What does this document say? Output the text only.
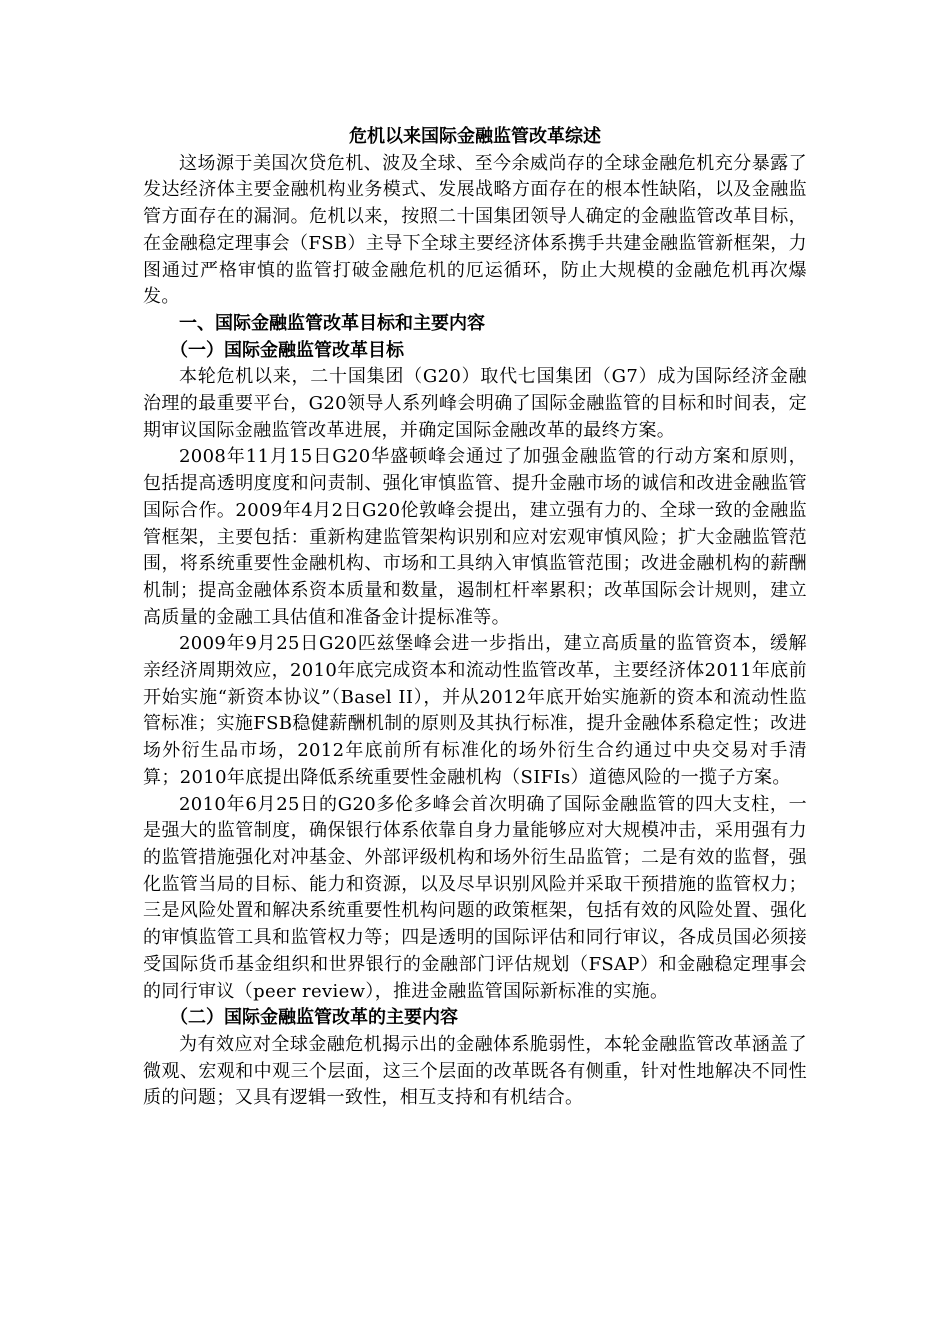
危机以来国际金融监管改革综述

这场源于美国次贷危机、波及全球、至今余威尚存的全球金融危机充分暴露了发达经济体主要金融机构业务模式、发展战略方面存在的根本性缺陷，以及金融监管方面存在的漏洞。危机以来，按照二十国集团领导人确定的金融监管改革目标，在金融稳定理事会（FSB）主导下全球主要经济体系携手共建金融监管新框架，力图通过严格审慎的监管打破金融危机的厄运循环，防止大规模的金融危机再次爆发。

一、国际金融监管改革目标和主要内容

（一）国际金融监管改革目标

本轮危机以来，二十国集团（G20）取代七国集团（G7）成为国际经济金融治理的最重要平台，G20领导人系列峰会明确了国际金融监管的目标和时间表，定期审议国际金融监管改革进展，并确定国际金融改革的最终方案。

2008年11月15日G20华盛顿峰会通过了加强金融监管的行动方案和原则，包括提高透明度度和问责制、强化审慎监管、提升金融市场的诚信和改进金融监管国际合作。2009年4月2日G20伦敦峰会提出，建立强有力的、全球一致的金融监管框架，主要包括：重新构建监管架构识别和应对宏观审慎风险；扩大金融监管范围，将系统重要性金融机构、市场和工具纳入审慎监管范围；改进金融机构的薪酬机制；提高金融体系资本质量和数量，遏制杠杆率累积；改革国际会计规则，建立高质量的金融工具估值和准备金计提标准等。

2009年9月25日G20匹兹堡峰会进一步指出，建立高质量的监管资本，缓解亲经济周期效应，2010年底完成资本和流动性监管改革，主要经济体2011年底前开始实施“新资本协议”（Basel II），并从2012年底开始实施新的资本和流动性监管标准；实施FSB稳健薪酬机制的原则及其执行标准，提升金融体系稳定性；改进场外衍生品市场，2012年底前所有标准化的场外衍生合约通过中央交易对手清算；2010年底提出降低系统重要性金融机构（SIFIs）道德风险的一揽子方案。

2010年6月25日的G20多伦多峰会首次明确了国际金融监管的四大支柱，一是强大的监管制度，确保银行体系依靠自身力量能够应对大规模冲击，采用强有力的监管措施强化对冲基金、外部评级机构和场外衍生品监管；二是有效的监督，强化监管当局的目标、能力和资源，以及尽早识别风险并采取干预措施的监管权力；三是风险处置和解决系统重要性机构问题的政策框架，包括有效的风险处置、强化的审慎监管工具和监管权力等；四是透明的国际评估和同行审议，各成员国必须接受国际货币基金组织和世界银行的金融部门评估规划（FSAP）和金融稳定理事会的同行审议（peer review），推进金融监管国际新标准的实施。

（二）国际金融监管改革的主要内容

为有效应对全球金融危机揭示出的金融体系脆弱性，本轮金融监管改革涵盖了微观、宏观和中观三个层面，这三个层面的改革既各有侧重，针对性地解决不同性质的问题；又具有逻辑一致性，相互支持和有机结合。
